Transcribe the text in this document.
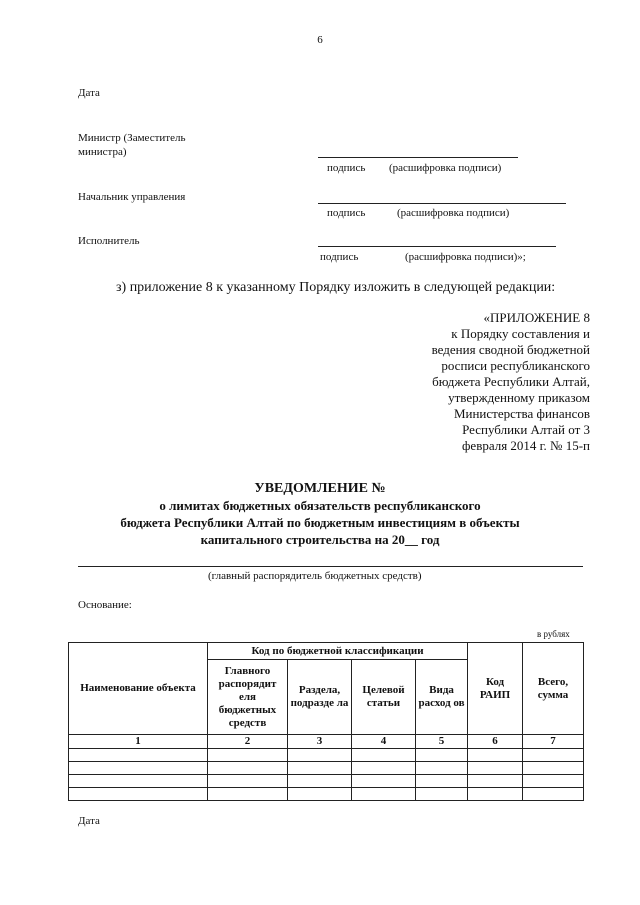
6
Дата
Министр (Заместитель министра)
подпись (расшифровка подписи)
Начальник управления
подпись	(расшифровка подписи)
Исполнитель
подпись	(расшифровка подписи)»;
з) приложение 8 к указанному Порядку изложить в следующей редакции:
«ПРИЛОЖЕНИЕ 8
к Порядку составления и
ведения сводной бюджетной
росписи республиканского
бюджета Республики Алтай,
утвержденному приказом
Министерства финансов
Республики Алтай от 3
февраля 2014 г. № 15-п
УВЕДОМЛЕНИЕ №
о лимитах бюджетных обязательств республиканского
бюджета Республики Алтай по бюджетным инвестициям в объекты
капитального строительства на 20__ год
(главный распорядитель бюджетных средств)
Основание:
в рублях
Наименование объекта	Код по бюджетной классификации				Код РАИП	Всего, сумма
	Главного распорядит еля бюджетных средств	Раздела, подразде ла	Целевой статьи	Вида расход ов		
1	2	3	4	5	6	7

Дата
